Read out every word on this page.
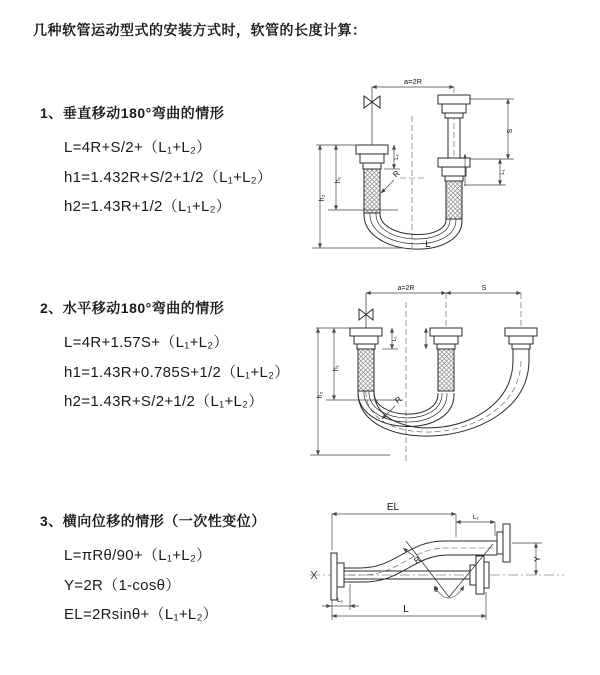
几种软管运动型式的安装方式时，软管的长度计算：
1、垂直移动180°弯曲的情形
L=4R+S/2+（L₁+L₂）
h1=1.432R+S/2+1/2（L₁+L₂）
h2=1.43R+1/2（L₁+L₂）
2、水平移动180°弯曲的情形
L=4R+1.57S+（L₁+L₂）
h1=1.43R+0.785S+1/2（L₁+L₂）
h2=1.43R+S/2+1/2（L₁+L₂）
3、横向位移的情形（一次性变位）
L=πRθ/90+（L₁+L₂）
Y=2R（1-cosθ）
EL=2Rsinθ+（L₁+L₂）
a=2R
S
L₁
L₁
h₁
h₂
R
L
a=2R	S
h₁
h₂
L₁
R
θ
R
EL
L₂
Y
L
L₁
